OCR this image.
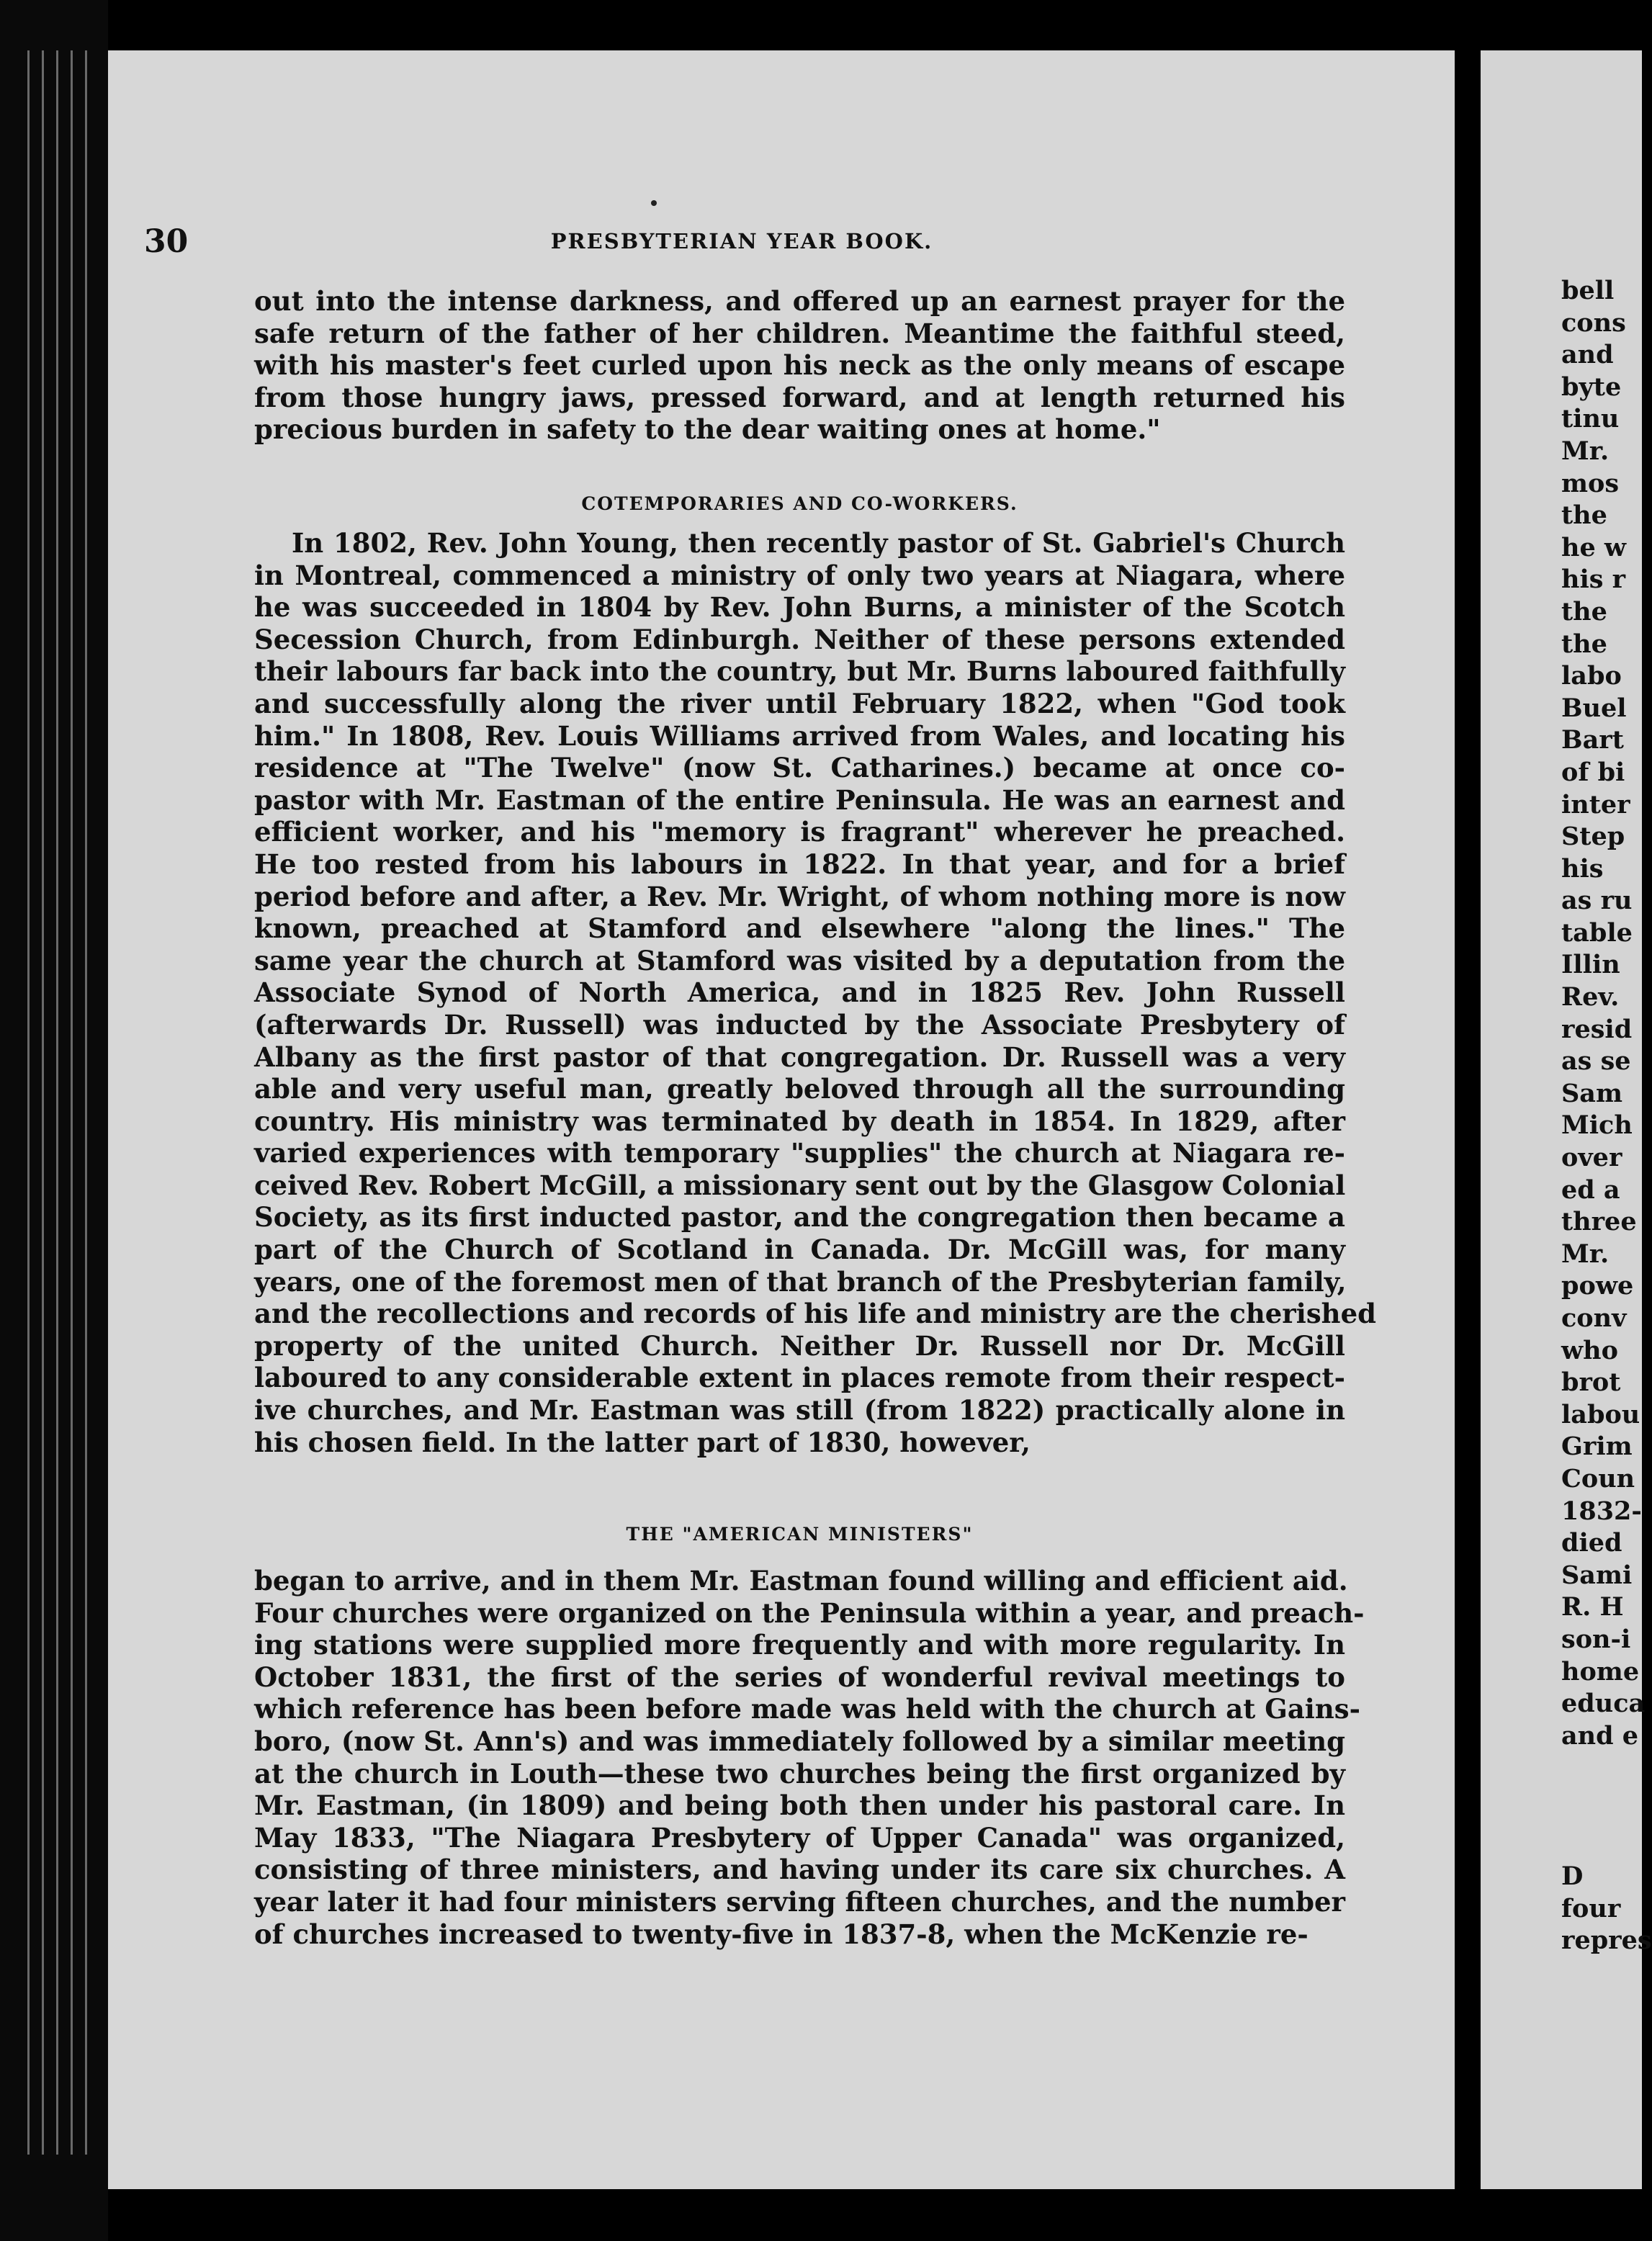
30	PRESBYTERIAN YEAR BOOK.
out into the intense darkness, and offered up an earnest prayer for the
safe return of the father of her children. Meantime the faithful steed,
with his master's feet curled upon his neck as the only means of escape
from those hungry jaws, pressed forward, and at length returned his
precious burden in safety to the dear waiting ones at home."
COTEMPORARIES AND CO-WORKERS.
In 1802, Rev. John Young, then recently pastor of St. Gabriel's Church
in Montreal, commenced a ministry of only two years at Niagara, where
he was succeeded in 1804 by Rev. John Burns, a minister of the Scotch
Secession Church, from Edinburgh. Neither of these persons extended
their labours far back into the country, but Mr. Burns laboured faithfully
and successfully along the river until February 1822, when "God took
him." In 1808, Rev. Louis Williams arrived from Wales, and locating his
residence at "The Twelve" (now St. Catharines.) became at once co-
pastor with Mr. Eastman of the entire Peninsula. He was an earnest and
efficient worker, and his "memory is fragrant" wherever he preached.
He too rested from his labours in 1822. In that year, and for a brief
period before and after, a Rev. Mr. Wright, of whom nothing more is now
known, preached at Stamford and elsewhere "along the lines." The
same year the church at Stamford was visited by a deputation from the
Associate Synod of North America, and in 1825 Rev. John Russell
(afterwards Dr. Russell) was inducted by the Associate Presbytery of
Albany as the first pastor of that congregation. Dr. Russell was a very
able and very useful man, greatly beloved through all the surrounding
country. His ministry was terminated by death in 1854. In 1829, after
varied experiences with temporary "supplies" the church at Niagara re-
ceived Rev. Robert McGill, a missionary sent out by the Glasgow Colonial
Society, as its first inducted pastor, and the congregation then became a
part of the Church of Scotland in Canada. Dr. McGill was, for many
years, one of the foremost men of that branch of the Presbyterian family,
and the recollections and records of his life and ministry are the cherished
property of the united Church. Neither Dr. Russell nor Dr. McGill
laboured to any considerable extent in places remote from their respect-
ive churches, and Mr. Eastman was still (from 1822) practically alone in
his chosen field. In the latter part of 1830, however,
THE "AMERICAN MINISTERS"
began to arrive, and in them Mr. Eastman found willing and efficient aid.
Four churches were organized on the Peninsula within a year, and preach-
ing stations were supplied more frequently and with more regularity. In
October 1831, the first of the series of wonderful revival meetings to
which reference has been before made was held with the church at Gains-
boro, (now St. Ann's) and was immediately followed by a similar meeting
at the church in Louth—these two churches being the first organized by
Mr. Eastman, (in 1809) and being both then under his pastoral care. In
May 1833, "The Niagara Presbytery of Upper Canada" was organized,
consisting of three ministers, and having under its care six churches. A
year later it had four ministers serving fifteen churches, and the number
of churches increased to twenty-five in 1837-8, when the McKenzie re-
bell
cons
and
byte
tinu
Mr.
mos
the
he w
his r
the
the
labo
Buel
Bart
of bi
inter
Step
his
as ru
table
Illin
Rev.
resid
as se
Sam
Mich
over
ed a
three
Mr.
powe
conv
who
brot
labou
Grim
Coun
1832-
died
Sami
R. H
son-i
home
educa
and e
D
four
repres
